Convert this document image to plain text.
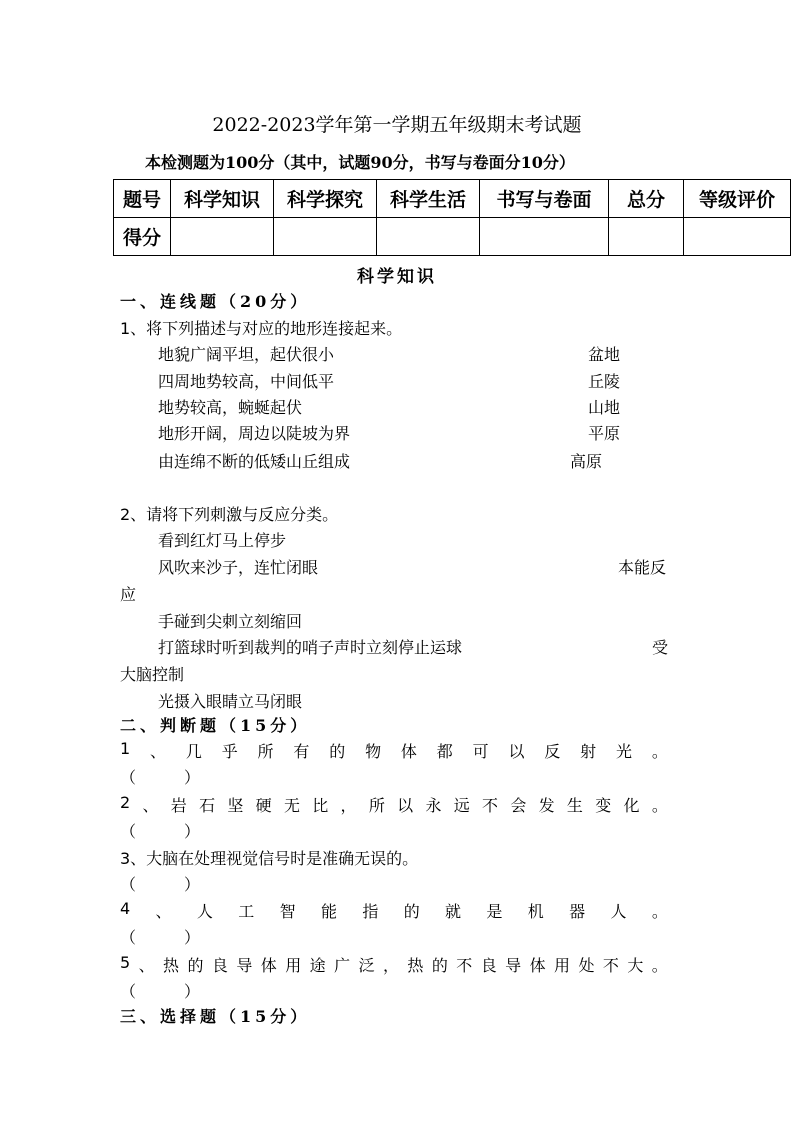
2022-2023学年第一学期五年级期末考试题
本检测题为100分（其中，试题90分，书写与卷面分10分）
题号	科学知识	科学探究	科学生活	书写与卷面	总分	等级评价
得分						
科学知识
一、连线题（20分）
1、将下列描述与对应的地形连接起来。
地貌广阔平坦，起伏很小	盆地
四周地势较高，中间低平	丘陵
地势较高，蜿蜒起伏	山地
地形开阔，周边以陡坡为界	平原
由连绵不断的低矮山丘组成	高原
2、请将下列刺激与反应分类。
看到红灯马上停步
风吹来沙子，连忙闭眼	本能反
应
手碰到尖刺立刻缩回
打篮球时听到裁判的哨子声时立刻停止运球	受
大脑控制
光摄入眼睛立马闭眼
二、判断题（15分）
1 、 几 乎 所 有 的 物 体 都 可 以 反 射 光 。
（　　　）
2 、 岩 石 坚 硬 无 比 ， 所 以 永 远 不 会 发 生 变 化 。
（　　　）
3、大脑在处理视觉信号时是准确无误的。
（　　　）
4 、 人 工 智 能 指 的 就 是 机 器 人 。
（　　　）
5 、 热 的 良 导 体 用 途 广 泛 ， 热 的 不 良 导 体 用 处 不 大 。
（　　　）
三、选择题（15分）
